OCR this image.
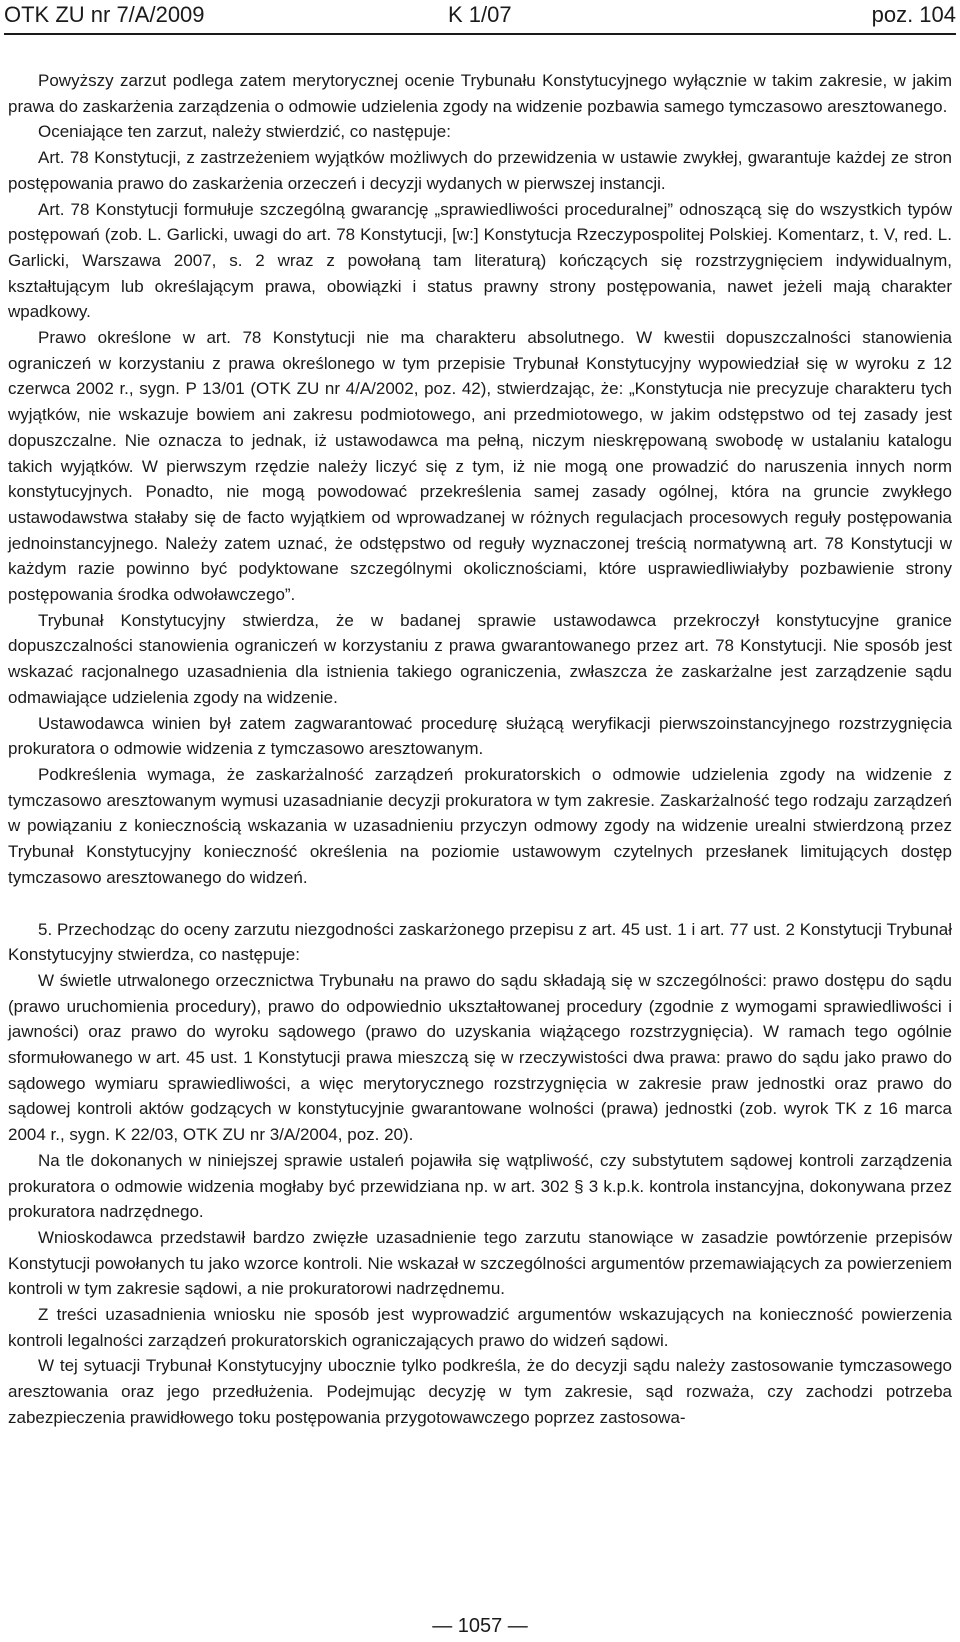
OTK ZU nr 7/A/2009	K 1/07	poz. 104

Powyższy zarzut podlega zatem merytorycznej ocenie Trybunału Konstytucyjnego wyłącznie w takim zakresie, w jakim prawa do zaskarżenia zarządzenia o odmowie udzielenia zgody na widzenie pozbawia samego tymczasowo aresztowanego.

Oceniające ten zarzut, należy stwierdzić, co następuje:

Art. 78 Konstytucji, z zastrzeżeniem wyjątków możliwych do przewidzenia w ustawie zwykłej, gwarantuje każdej ze stron postępowania prawo do zaskarżenia orzeczeń i decyzji wydanych w pierwszej instancji.

Art. 78 Konstytucji formułuje szczególną gwarancję „sprawiedliwości proceduralnej” odnoszącą się do wszystkich typów postępowań (zob. L. Garlicki, uwagi do art. 78 Konstytucji, [w:] Konstytucja Rzeczypospolitej Polskiej. Komentarz, t. V, red. L. Garlicki, Warszawa 2007, s. 2 wraz z powołaną tam literaturą) kończących się rozstrzygnięciem indywidualnym, kształtującym lub określającym prawa, obowiązki i status prawny strony postępowania, nawet jeżeli mają charakter wpadkowy.

Prawo określone w art. 78 Konstytucji nie ma charakteru absolutnego. W kwestii dopuszczalności stanowienia ograniczeń w korzystaniu z prawa określonego w tym przepisie Trybunał Konstytucyjny wypowiedział się w wyroku z 12 czerwca 2002 r., sygn. P 13/01 (OTK ZU nr 4/A/2002, poz. 42), stwierdzając, że: „Konstytucja nie precyzuje charakteru tych wyjątków, nie wskazuje bowiem ani zakresu podmiotowego, ani przedmiotowego, w jakim odstępstwo od tej zasady jest dopuszczalne. Nie oznacza to jednak, iż ustawodawca ma pełną, niczym nieskrępowaną swobodę w ustalaniu katalogu takich wyjątków. W pierwszym rzędzie należy liczyć się z tym, iż nie mogą one prowadzić do naruszenia innych norm konstytucyjnych. Ponadto, nie mogą powodować przekreślenia samej zasady ogólnej, która na gruncie zwykłego ustawodawstwa stałaby się de facto wyjątkiem od wprowadzanej w różnych regulacjach procesowych reguły postępowania jednoinstancyjnego. Należy zatem uznać, że odstępstwo od reguły wyznaczonej treścią normatywną art. 78 Konstytucji w każdym razie powinno być podyktowane szczególnymi okolicznościami, które usprawiedliwiałyby pozbawienie strony postępowania środka odwoławczego”.

Trybunał Konstytucyjny stwierdza, że w badanej sprawie ustawodawca przekroczył konstytucyjne granice dopuszczalności stanowienia ograniczeń w korzystaniu z prawa gwarantowanego przez art. 78 Konstytucji. Nie sposób jest wskazać racjonalnego uzasadnienia dla istnienia takiego ograniczenia, zwłaszcza że zaskarżalne jest zarządzenie sądu odmawiające udzielenia zgody na widzenie.

Ustawodawca winien był zatem zagwarantować procedurę służącą weryfikacji pierwszoinstancyjnego rozstrzygnięcia prokuratora o odmowie widzenia z tymczasowo aresztowanym.

Podkreślenia wymaga, że zaskarżalność zarządzeń prokuratorskich o odmowie udzielenia zgody na widzenie z tymczasowo aresztowanym wymusi uzasadnianie decyzji prokuratora w tym zakresie. Zaskarżalność tego rodzaju zarządzeń w powiązaniu z koniecznością wskazania w uzasadnieniu przyczyn odmowy zgody na widzenie urealni stwierdzoną przez Trybunał Konstytucyjny konieczność określenia na poziomie ustawowym czytelnych przesłanek limitujących dostęp tymczasowo aresztowanego do widzeń.

5. Przechodząc do oceny zarzutu niezgodności zaskarżonego przepisu z art. 45 ust. 1 i art. 77 ust. 2 Konstytucji Trybunał Konstytucyjny stwierdza, co następuje:

W świetle utrwalonego orzecznictwa Trybunału na prawo do sądu składają się w szczególności: prawo dostępu do sądu (prawo uruchomienia procedury), prawo do odpowiednio ukształtowanej procedury (zgodnie z wymogami sprawiedliwości i jawności) oraz prawo do wyroku sądowego (prawo do uzyskania wiążącego rozstrzygnięcia). W ramach tego ogólnie sformułowanego w art. 45 ust. 1 Konstytucji prawa mieszczą się w rzeczywistości dwa prawa: prawo do sądu jako prawo do sądowego wymiaru sprawiedliwości, a więc merytorycznego rozstrzygnięcia w zakresie praw jednostki oraz prawo do sądowej kontroli aktów godzących w konstytucyjnie gwarantowane wolności (prawa) jednostki (zob. wyrok TK z 16 marca 2004 r., sygn. K 22/03, OTK ZU nr 3/A/2004, poz. 20).

Na tle dokonanych w niniejszej sprawie ustaleń pojawiła się wątpliwość, czy substytutem sądowej kontroli zarządzenia prokuratora o odmowie widzenia mogłaby być przewidziana np. w art. 302 § 3 k.p.k. kontrola instancyjna, dokonywana przez prokuratora nadrzędnego.

Wnioskodawca przedstawił bardzo zwięzłe uzasadnienie tego zarzutu stanowiące w zasadzie powtórzenie przepisów Konstytucji powołanych tu jako wzorce kontroli. Nie wskazał w szczególności argumentów przemawiających za powierzeniem kontroli w tym zakresie sądowi, a nie prokuratorowi nadrzędnemu.

Z treści uzasadnienia wniosku nie sposób jest wyprowadzić argumentów wskazujących na konieczność powierzenia kontroli legalności zarządzeń prokuratorskich ograniczających prawo do widzeń sądowi.

W tej sytuacji Trybunał Konstytucyjny ubocznie tylko podkreśla, że do decyzji sądu należy zastosowanie tymczasowego aresztowania oraz jego przedłużenia. Podejmując decyzję w tym zakresie, sąd rozważa, czy zachodzi potrzeba zabezpieczenia prawidłowego toku postępowania przygotowawczego poprzez zastosowa-

— 1057 —
